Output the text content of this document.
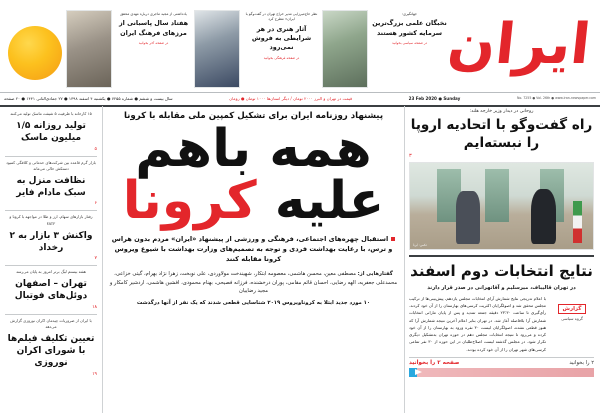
جهانگیری:
نخبگان علمی بزرگ‌ترین سرمایه کشور هستند
در صفحه سیاسی بخوانید
نظر حاج‌میرزایی مدیر خراج تهران در گفت‌وگو با ایران» مطرح کرد
آثار هنری در هر شرایطی به فروش نمی‌رود
در صفحه فرهنگی بخوانید
یادداشتی از مجید ماجری درباره مهدی محقق
هفتاد سال پاسبانی از مرزهای فرهنگ ایران
در صفحه آخر بخوانید	ایران
No. 7255 ● Vol. 26th ● www.iran-newspaper.com
23 Feb 2020 ● Sunday
قیمت در تهران و البرز ۲۰۰۰ تومان / دیگر استان‌ها ۱۰۰۰ تومان ● رومان
سال بیست و ششم ● شماره ۷۲۵۵ ● یکشنبه ۴ اسفند ۱۳۹۸ ● ۲۷ جمادی‌الثانی ۱۴۴۱ ● ۲۰ صفحه
روحانی در دیدار وزیر خارجه هلند:
راه گفت‌وگو با اتحادیه اروپا را نبسته‌ایم
۳
عکس: ایرنا
نتایج انتخابات دوم اسفند
در تهران قالیباف، میرسلیم و آقاتهرانی در صدر قرار دارند
گزارش
گروه سیاسی
با اعلام تدریجی نتایج شمارش آرای انتخابات مجلس یازدهم، پیش‌بینی‌ها از ترکیب مجلس محقق شد و اصولگرایان اکثریت کرسی‌های بهارستان را از آن خود کردند. رأی‌گیری تا ساعت ۲۳:۳۰ دقیقه جمعه تمدید و پس از پایان مارانی انتخابات شمارش آرا بلافاصله آغاز شد. در تهران بنابر اعلام آخرین نتیجه شمارش آرا که هنوز قطعی نشده، اصولگرایان لیست ۳۰ نفره ورود به بهارستان را از آن خود کرده و می‌رود تا نتیجه انتخابات مجلس دهم در حوزه تهران به‌تشکیل دیگری تکرار شود. در مجلس گذشته لیست اصلاح‌طلبان در این حوزه از ۳۰ نفر تمامی کرسی‌های شهر تهران را از آن خود کرده بودند.
۲ را بخوانید
صفحه ۲ را بخوانید
پیشنهاد روزنامه ایران برای تشکیل کمپین ملی مقابله با کرونا
همه باهم
علیه کرونا

استقبال چهره‌های اجتماعی، فرهنگی و ورزشی از پیشنهاد «ایران» مردم بدون هراس و ترس، با رعایت بهداشت فردی و توجه به تصمیم‌های وزارت بهداشت با شیوع ویروس کرونا مقابله کنند

گفتارهایی از: مصطفی معین، محسن هاشمی، معصومه ابتکار، شهیندخت مولاوردی، علی نوبخت، زهرا نژاد بهرام، گیتی خزاعی، محمدعلی جعفریه، الهه رضایی، احسان قائم مقامی، پوران درخشنده، فرزانه فصیحی، بهنام محمودی، افشین هاشمی، اردشیر کامکار و مجید رضاییان
۱۰ مورد جدید ابتلا به کروناویروس ۲۰۱۹ شناسایی قطعی شدند که یک نفر از آنها درگذشت
۱۵ کارخانه با ظرفیت ۵ شیفت ماسک تولید می‌کنند
تولید روزانه ۱/۵ میلیون ماسک
۵
بازار گرم قاعده بین شرکت‌های خدماتی و کلافگی کمبود دستکش خالی می‌ماند
نظافت منزل به سبک مادام فایر
۶
رفتار بازارهای سهام، ارز و طلا در مواجهه با کرونا و FATF
واکنش ۳ بازار به ۲ رخداد
۷
هفته بیستم لیگ برتر امروز به پایان می‌رسد
تهران – اصفهان دوئل‌های فوتبال
۱۸
با ایران از ضروریات چیدمان اکران نوروزی گزارش می‌دهد
تعیین تکلیف فیلم‌ها با شورای اکران نوروزی
۱۹
